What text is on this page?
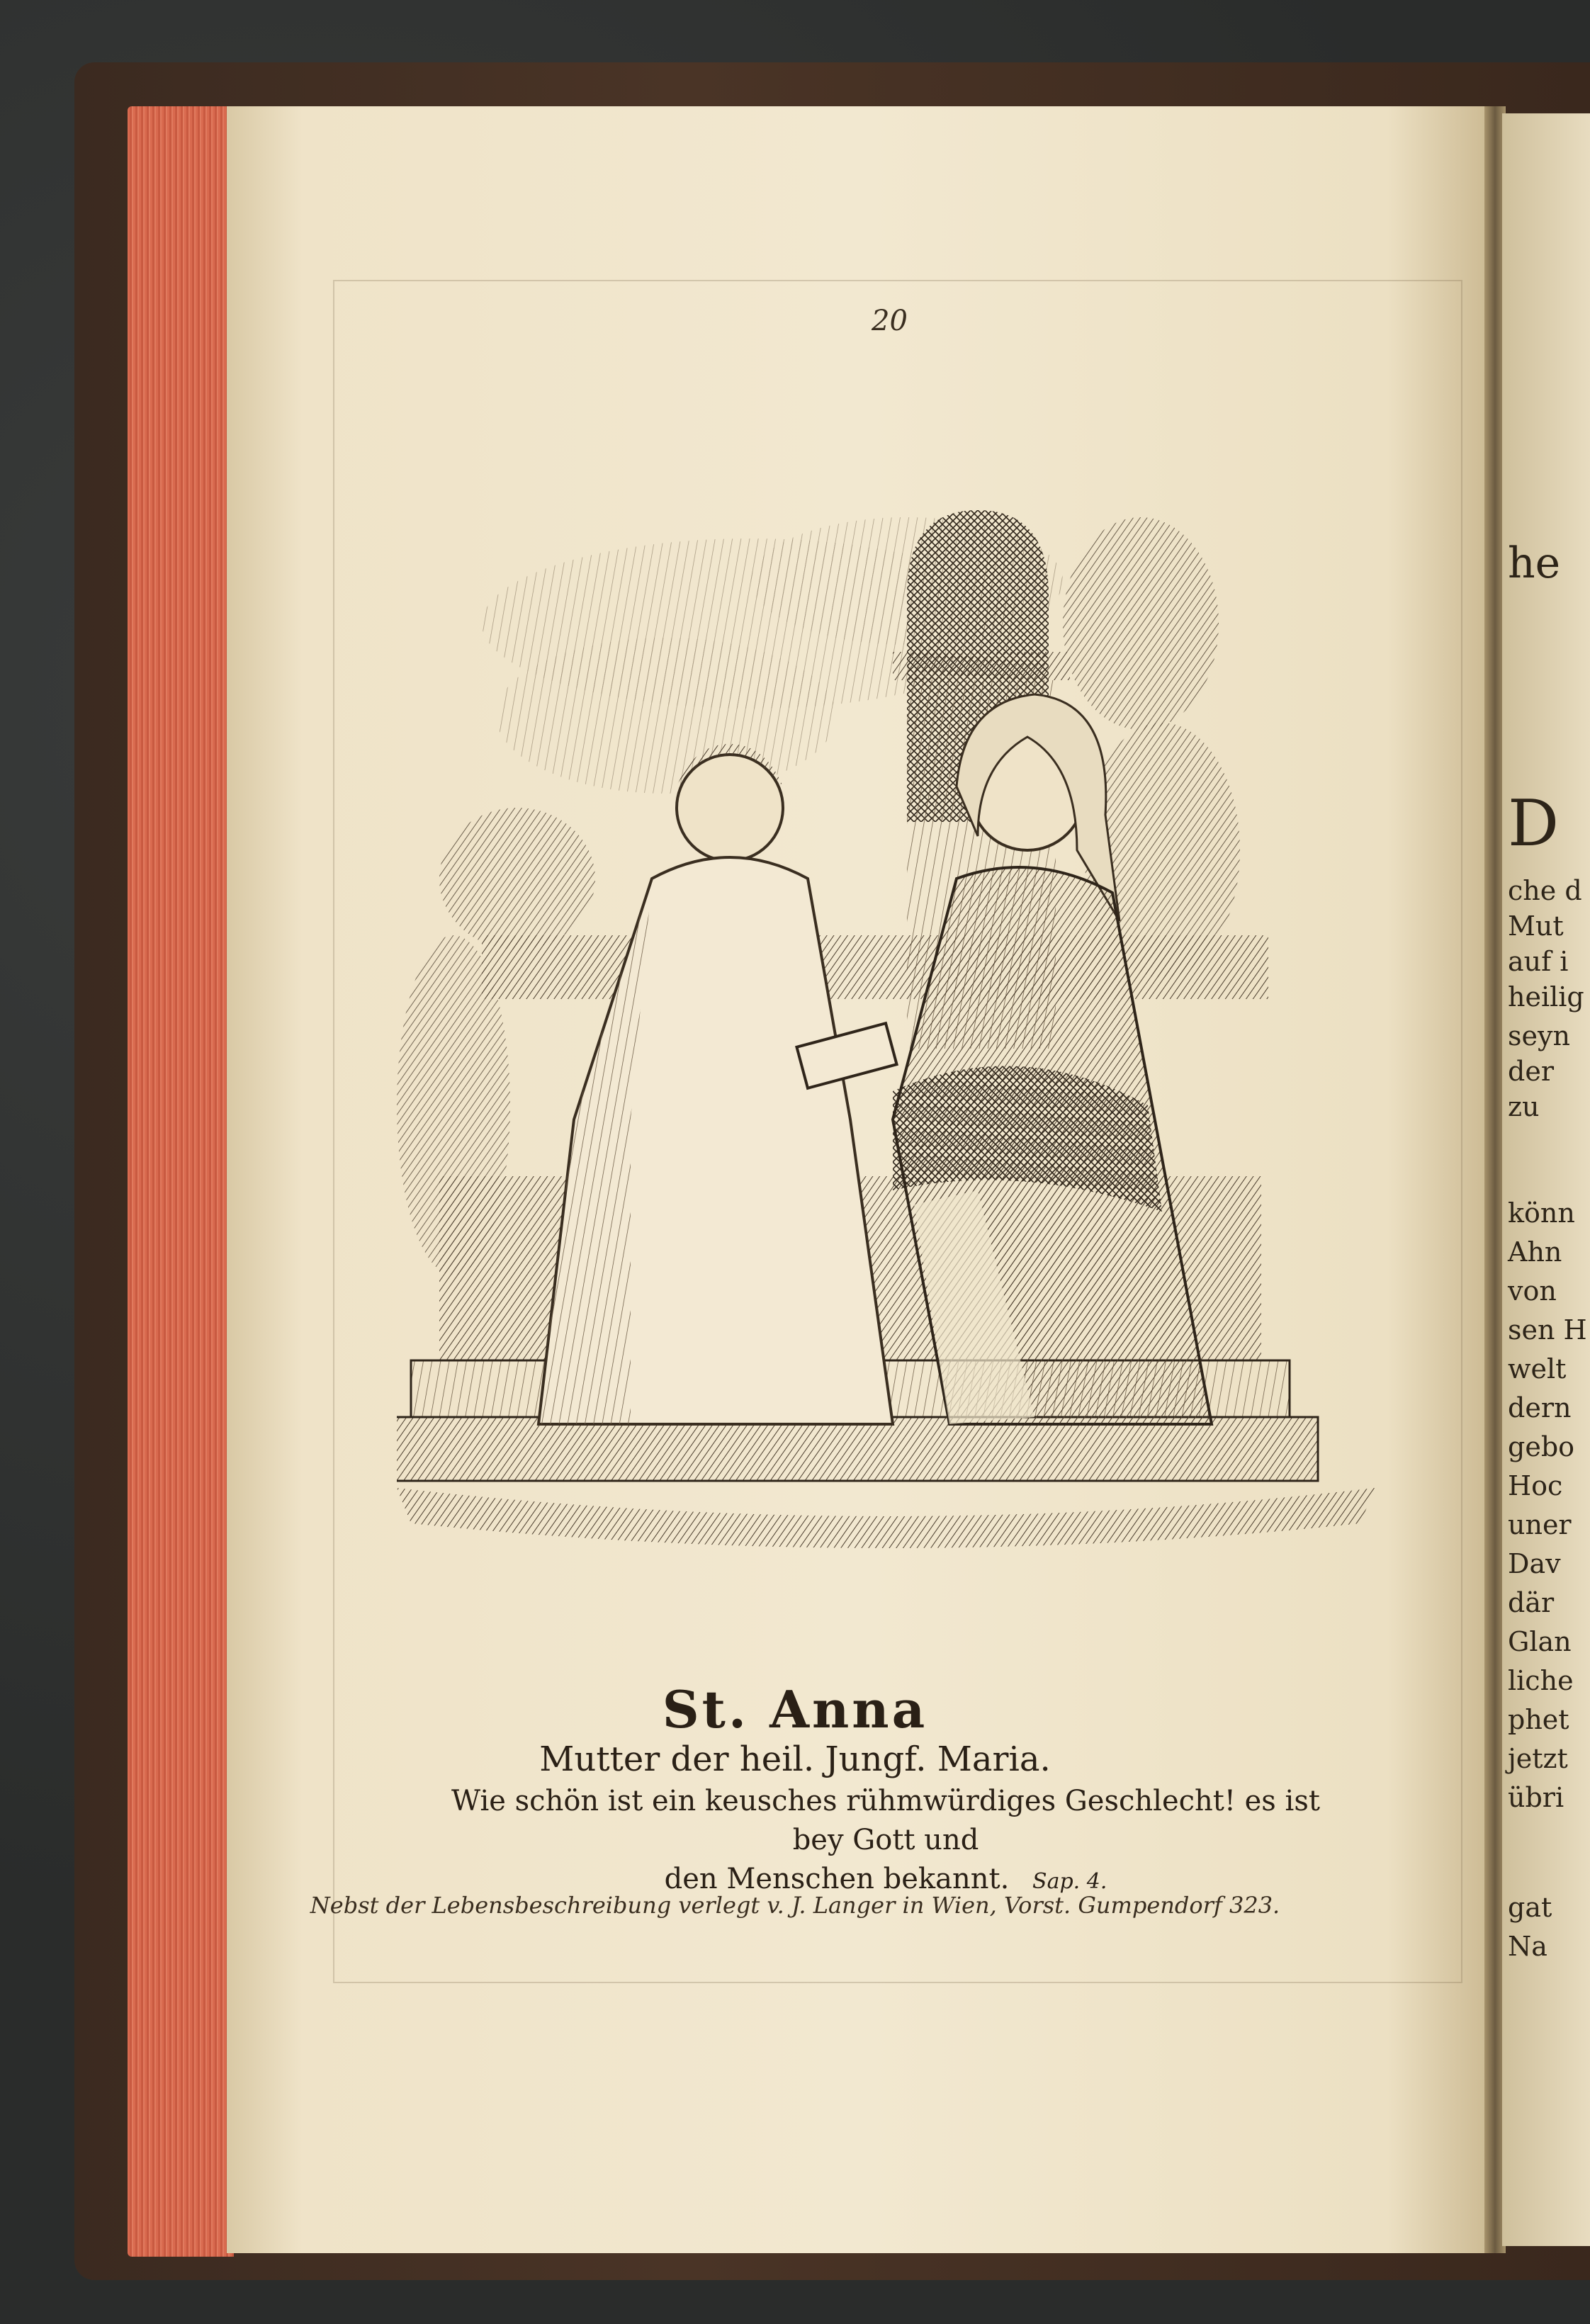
he
D
che d
Mut
auf i
heilig
seyn
der
zu
könn
Ahn
von
sen H
welt
dern
gebo
Hoc
uner
Dav
där
Glan
liche
phet
jetzt
übri
gat
Na
20
St. Anna
Mutter der heil. Jungf. Maria.
Wie schön ist ein keusches rühmwürdiges Geschlecht! es ist bey Gott und
den Menschen bekannt. Sap. 4.
Nebst der Lebensbeschreibung verlegt v. J. Langer in Wien, Vorst. Gumpendorf 323.
